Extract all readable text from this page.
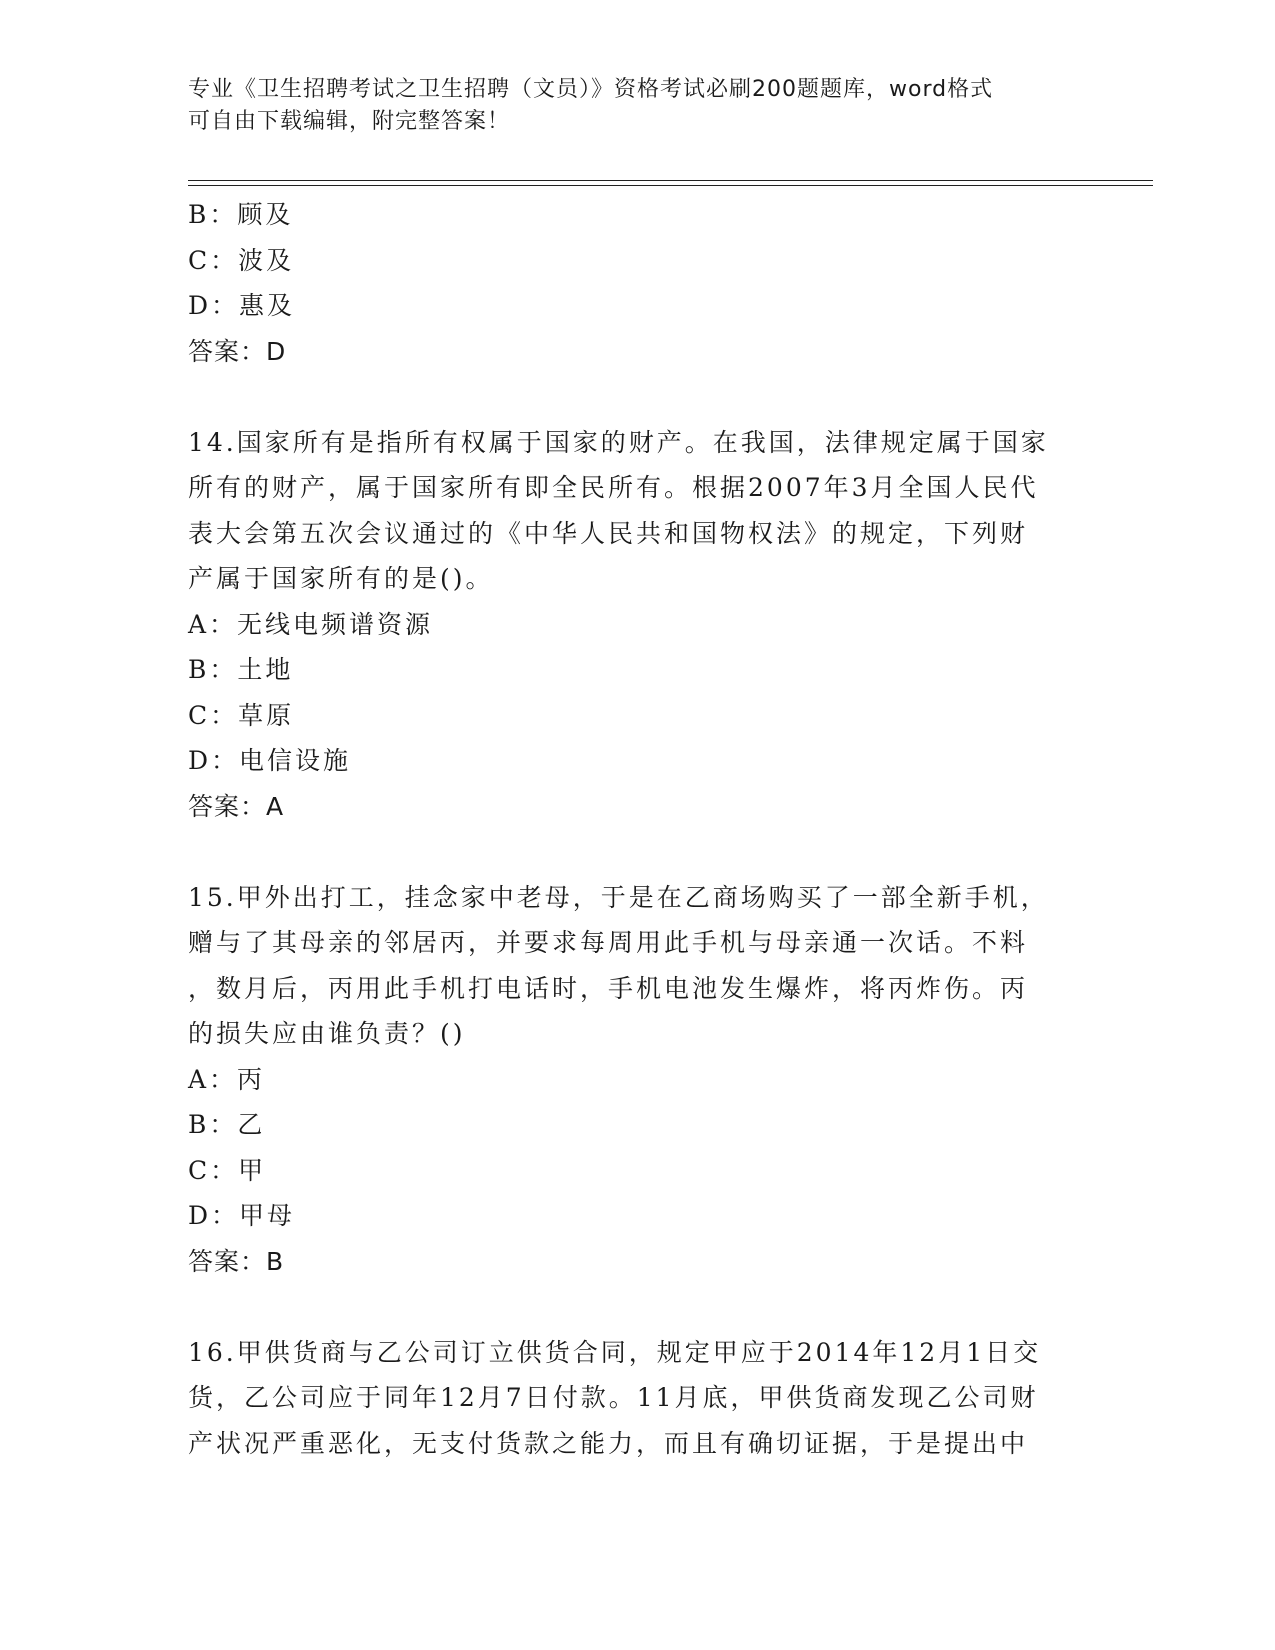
专业《卫生招聘考试之卫生招聘（文员）》资格考试必刷200题题库，word格式
可自由下载编辑，附完整答案！
B：顾及
C：波及
D：惠及
答案：D
14.国家所有是指所有权属于国家的财产。在我国，法律规定属于国家
所有的财产，属于国家所有即全民所有。根据2007年3月全国人民代
表大会第五次会议通过的《中华人民共和国物权法》的规定，下列财
产属于国家所有的是()。
A：无线电频谱资源
B：土地
C：草原
D：电信设施
答案：A
15.甲外出打工，挂念家中老母，于是在乙商场购买了一部全新手机，
赠与了其母亲的邻居丙，并要求每周用此手机与母亲通一次话。不料
，数月后，丙用此手机打电话时，手机电池发生爆炸，将丙炸伤。丙
的损失应由谁负责？()
A：丙
B：乙
C：甲
D：甲母
答案：B
16.甲供货商与乙公司订立供货合同，规定甲应于2014年12月1日交
货，乙公司应于同年12月7日付款。11月底，甲供货商发现乙公司财
产状况严重恶化，无支付货款之能力，而且有确切证据，于是提出中
